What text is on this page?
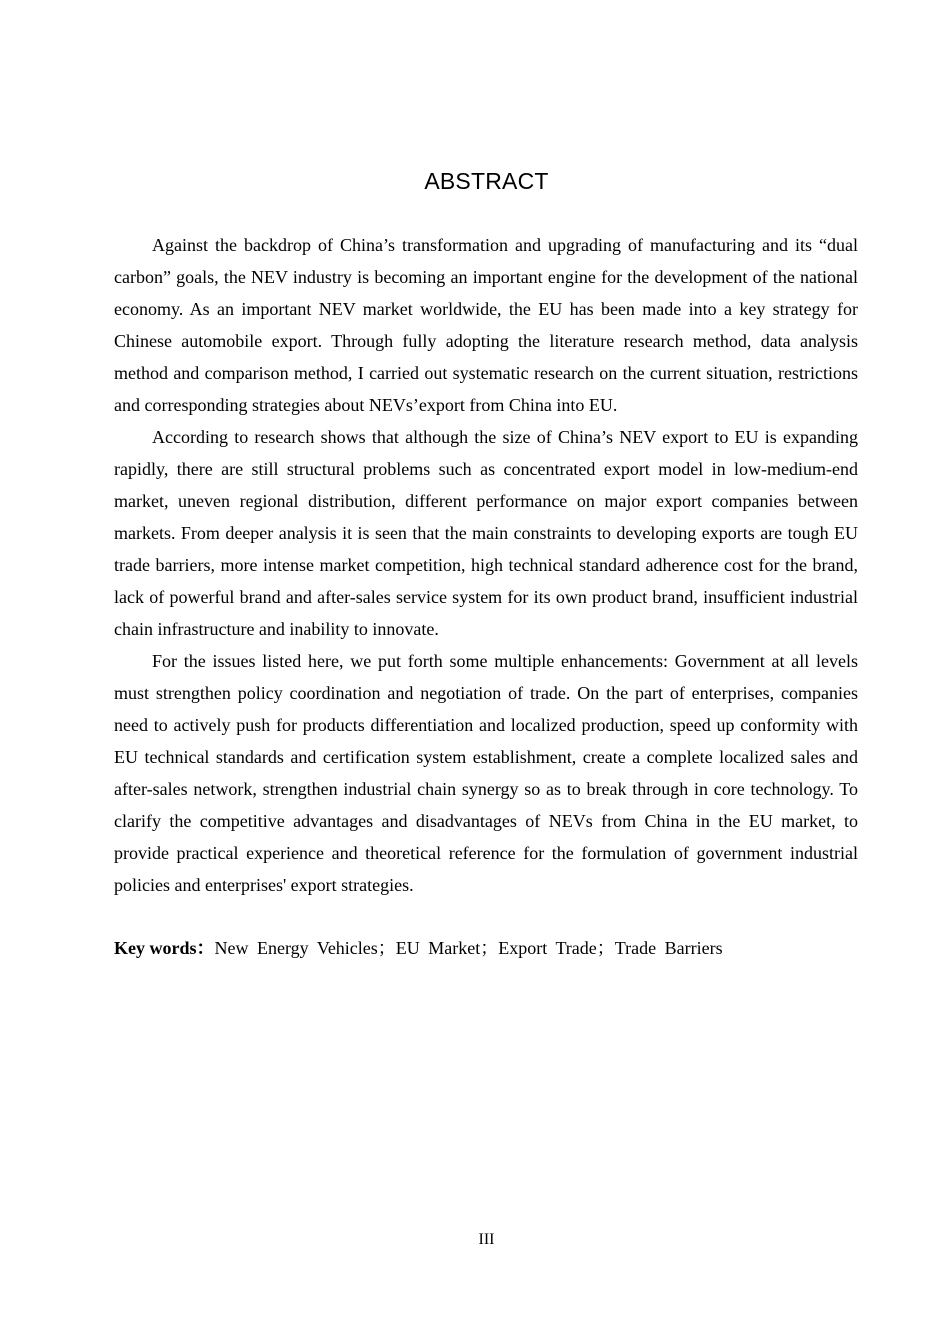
ABSTRACT

Against the backdrop of China’s transformation and upgrading of manufacturing and its “dual carbon” goals, the NEV industry is becoming an important engine for the development of the national economy. As an important NEV market worldwide, the EU has been made into a key strategy for Chinese automobile export. Through fully adopting the literature research method, data analysis method and comparison method, I carried out systematic research on the current situation, restrictions and corresponding strategies about NEVs’export from China into EU.

According to research shows that although the size of China’s NEV export to EU is expanding rapidly, there are still structural problems such as concentrated export model in low-medium-end market, uneven regional distribution, different performance on major export companies between markets. From deeper analysis it is seen that the main constraints to developing exports are tough EU trade barriers, more intense market competition, high technical standard adherence cost for the brand, lack of powerful brand and after-sales service system for its own product brand, insufficient industrial chain infrastructure and inability to innovate.

For the issues listed here, we put forth some multiple enhancements: Government at all levels must strengthen policy coordination and negotiation of trade. On the part of enterprises, companies need to actively push for products differentiation and localized production, speed up conformity with EU technical standards and certification system establishment, create a complete localized sales and after-sales network, strengthen industrial chain synergy so as to break through in core technology. To clarify the competitive advantages and disadvantages of NEVs from China in the EU market, to provide practical experience and theoretical reference for the formulation of government industrial policies and enterprises' export strategies.

Key words：New Energy Vehicles；EU Market；Export Trade；Trade Barriers
III
